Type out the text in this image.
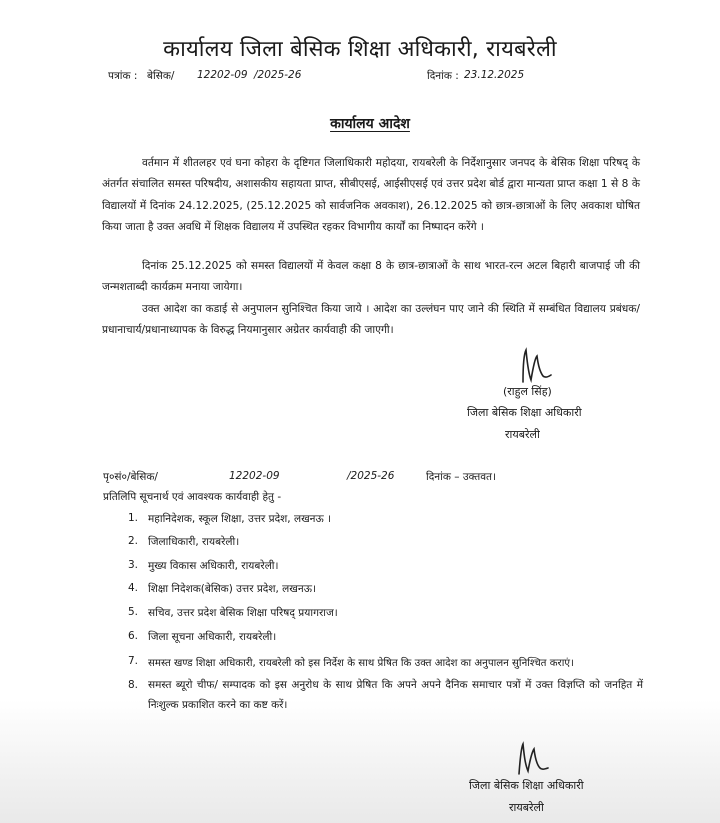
कार्यालय जिला बेसिक शिक्षा अधिकारी, रायबरेली
पत्रांक : बेसिक/ 12202-09 /2025-26	दिनांक : 23.12.2025
कार्यालय आदेश
वर्तमान में शीतलहर एवं घना कोहरा के दृष्टिगत जिलाधिकारी महोदया, रायबरेली के निर्देशानुसार जनपद के बेसिक शिक्षा परिषद् के अंतर्गत संचालित समस्त परिषदीय, अशासकीय सहायता प्राप्त, सीबीएसई, आईसीएसई एवं उत्तर प्रदेश बोर्ड द्वारा मान्यता प्राप्त कक्षा 1 से 8 के विद्यालयों में दिनांक 24.12.2025, (25.12.2025 को सार्वजनिक अवकाश), 26.12.2025 को छात्र-छात्राओं के लिए अवकाश घोषित किया जाता है उक्त अवधि में शिक्षक विद्यालय में उपस्थित रहकर विभागीय कार्यों का निष्पादन करेंगे ।
दिनांक 25.12.2025 को समस्त विद्यालयों में केवल कक्षा 8 के छात्र-छात्राओं के साथ भारत-रत्न अटल बिहारी बाजपाई जी की जन्मशताब्दी कार्यक्रम मनाया जायेगा।
उक्त आदेश का कडाई से अनुपालन सुनिश्चित किया जाये । आदेश का उल्लंघन पाए जाने की स्थिति में सम्बंधित विद्यालय प्रबंधक/प्रधानाचार्य/प्रधानाध्यापक के विरुद्ध नियमानुसार अग्रेतर कार्यवाही की जाएगी।
(राहुल सिंह)
जिला बेसिक शिक्षा अधिकारी
रायबरेली
पृ०सं०/बेसिक/	12202-09	/2025-26	दिनांक – उक्तवत।
प्रतिलिपि सूचनार्थ एवं आवश्यक कार्यवाही हेतु -
1. महानिदेशक, स्कूल शिक्षा, उत्तर प्रदेश, लखनऊ ।
2. जिलाधिकारी, रायबरेली।
3. मुख्य विकास अधिकारी, रायबरेली।
4. शिक्षा निदेशक(बेसिक) उत्तर प्रदेश, लखनऊ।
5. सचिव, उत्तर प्रदेश बेसिक शिक्षा परिषद् प्रयागराज।
6. जिला सूचना अधिकारी, रायबरेली।
7. समस्त खण्ड शिक्षा अधिकारी, रायबरेली को इस निर्देश के साथ प्रेषित कि उक्त आदेश का अनुपालन सुनिश्चित कराएं।
8. समस्त ब्यूरो चीफ/ सम्पादक को इस अनुरोध के साथ प्रेषित कि अपने अपने दैनिक समाचार पत्रों में उक्त विज्ञप्ति को जनहित में निःशुल्क प्रकाशित करने का कष्ट करें।
जिला बेसिक शिक्षा अधिकारी
रायबरेली
